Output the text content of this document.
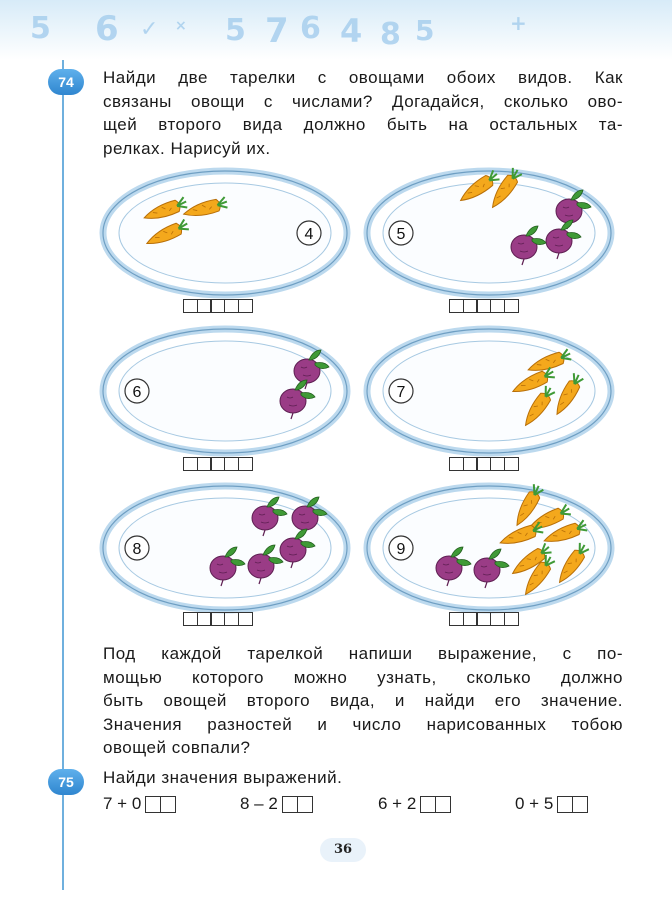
5 6 ✓ × 5 7 6 4 8 5	+
74	Найди две тарелки с овощами обоих видов. Как
связаны овощи с числами? Догадайся, сколько ово-
щей второго вида должно быть на остальных та-
релках. Нарисуй их.
4	5
6	7
8	9
Под каждой тарелкой напиши выражение, с по-
мощью которого можно узнать, сколько должно
быть овощей второго вида, и найди его значение.
Значения разностей и число нарисованных тобою
овощей совпали?
75	Найди значения выражений.
7 + 0	8 – 2	6 + 2	0 + 5
36
